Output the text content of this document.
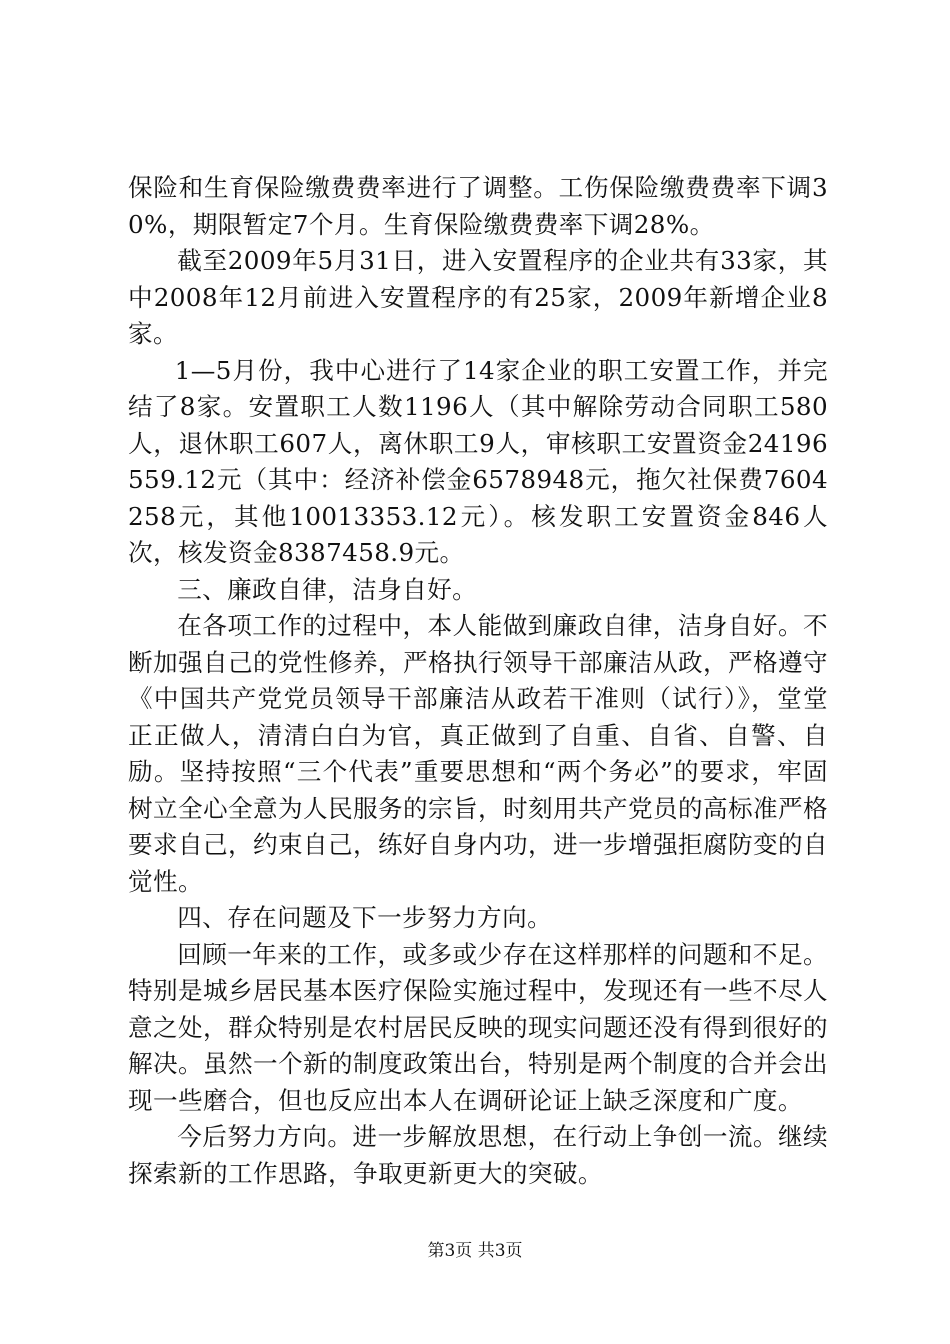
保险和生育保险缴费费率进行了调整。工伤保险缴费费率下调30%，期限暂定7个月。生育保险缴费费率下调28%。

截至2009年5月31日，进入安置程序的企业共有33家，其中2008年12月前进入安置程序的有25家，2009年新增企业8家。

1—5月份，我中心进行了14家企业的职工安置工作，并完结了8家。安置职工人数1196人（其中解除劳动合同职工580人，退休职工607人，离休职工9人，审核职工安置资金24196559.12元（其中：经济补偿金6578948元，拖欠社保费7604258元，其他10013353.12元）。核发职工安置资金846人次，核发资金8387458.9元。

三、廉政自律，洁身自好。

在各项工作的过程中，本人能做到廉政自律，洁身自好。不断加强自己的党性修养，严格执行领导干部廉洁从政，严格遵守《中国共产党党员领导干部廉洁从政若干准则（试行）》，堂堂正正做人，清清白白为官，真正做到了自重、自省、自警、自励。坚持按照“三个代表”重要思想和“两个务必”的要求，牢固树立全心全意为人民服务的宗旨，时刻用共产党员的高标准严格要求自己，约束自己，练好自身内功，进一步增强拒腐防变的自觉性。

四、存在问题及下一步努力方向。

回顾一年来的工作，或多或少存在这样那样的问题和不足。特别是城乡居民基本医疗保险实施过程中，发现还有一些不尽人意之处，群众特别是农村居民反映的现实问题还没有得到很好的解决。虽然一个新的制度政策出台，特别是两个制度的合并会出现一些磨合，但也反应出本人在调研论证上缺乏深度和广度。

今后努力方向。进一步解放思想，在行动上争创一流。继续探索新的工作思路，争取更新更大的突破。

第3页 共3页
